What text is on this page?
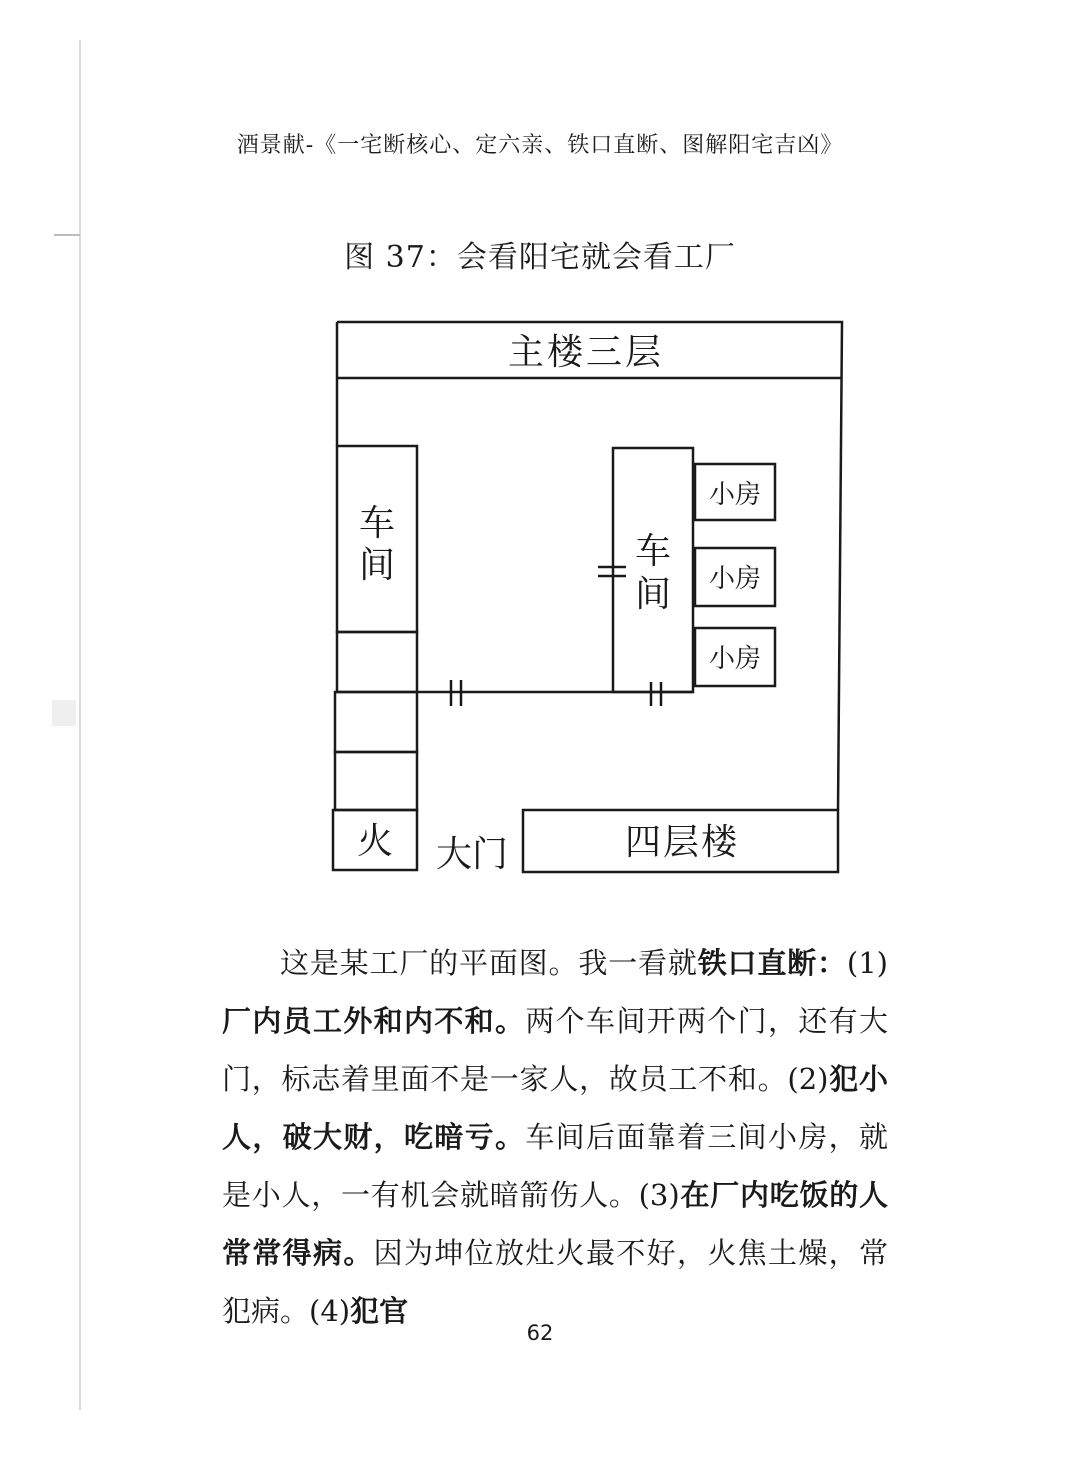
酒景献-《一宅断核心、定六亲、铁口直断、图解阳宅吉凶》
图 37：会看阳宅就会看工厂
主楼三层
车
间	车
间
小房
小房
小房
火 大门	四层楼

这是某工厂的平面图。我一看就铁口直断：(1)厂内员工外和内不和。两个车间开两个门，还有大门，标志着里面不是一家人，故员工不和。(2)犯小人，破大财，吃暗亏。车间后面靠着三间小房，就是小人，一有机会就暗箭伤人。(3)在厂内吃饭的人常常得病。因为坤位放灶火最不好，火焦土燥，常犯病。(4)犯官

62
